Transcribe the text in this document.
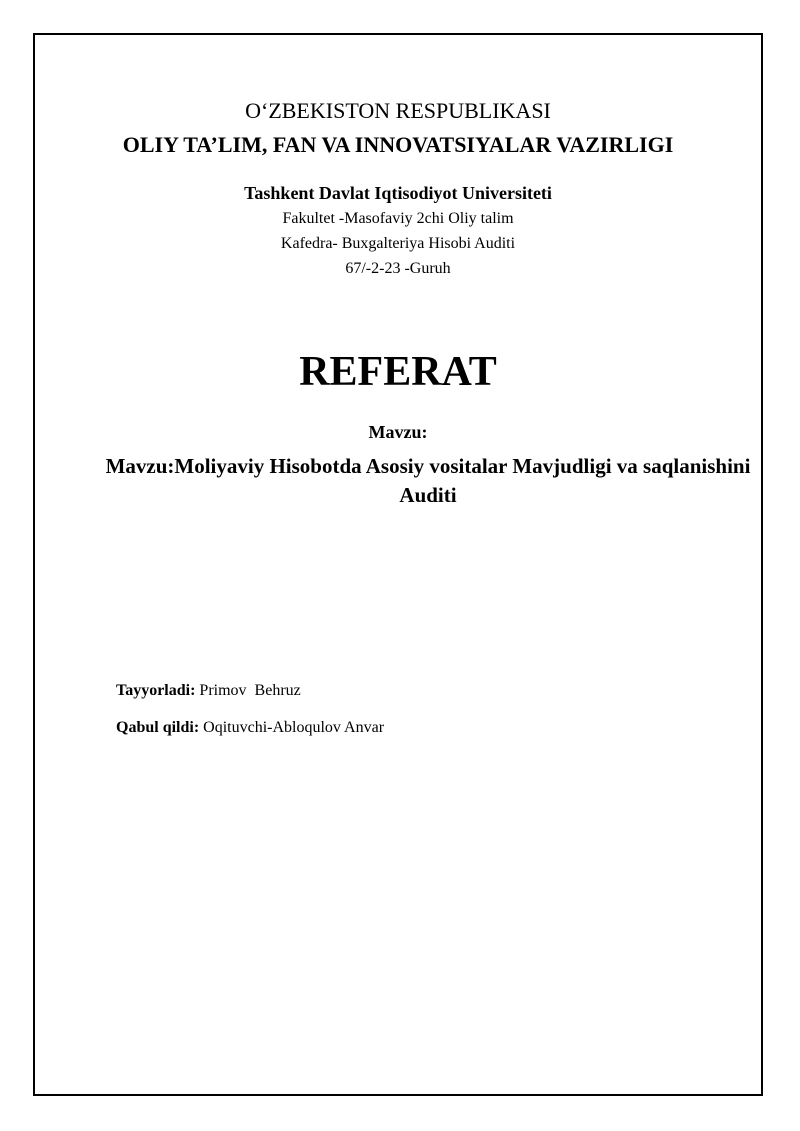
O‘ZBEKISTON RESPUBLIKASI
OLIY TA’LIM, FAN VA INNOVATSIYALAR VAZIRLIGI
Tashkent Davlat Iqtisodiyot Universiteti
Fakultet -Masofaviy 2chi Oliy talim
Kafedra- Buxgalteriya Hisobi Auditi
67/-2-23 -Guruh
REFERAT
Mavzu:
Mavzu:Moliyaviy Hisobotda Asosiy vositalar Mavjudligi va saqlanishini Auditi
Tayyorladi: Primov  Behruz
Qabul qildi: Oqituvchi-Abloqulov Anvar
